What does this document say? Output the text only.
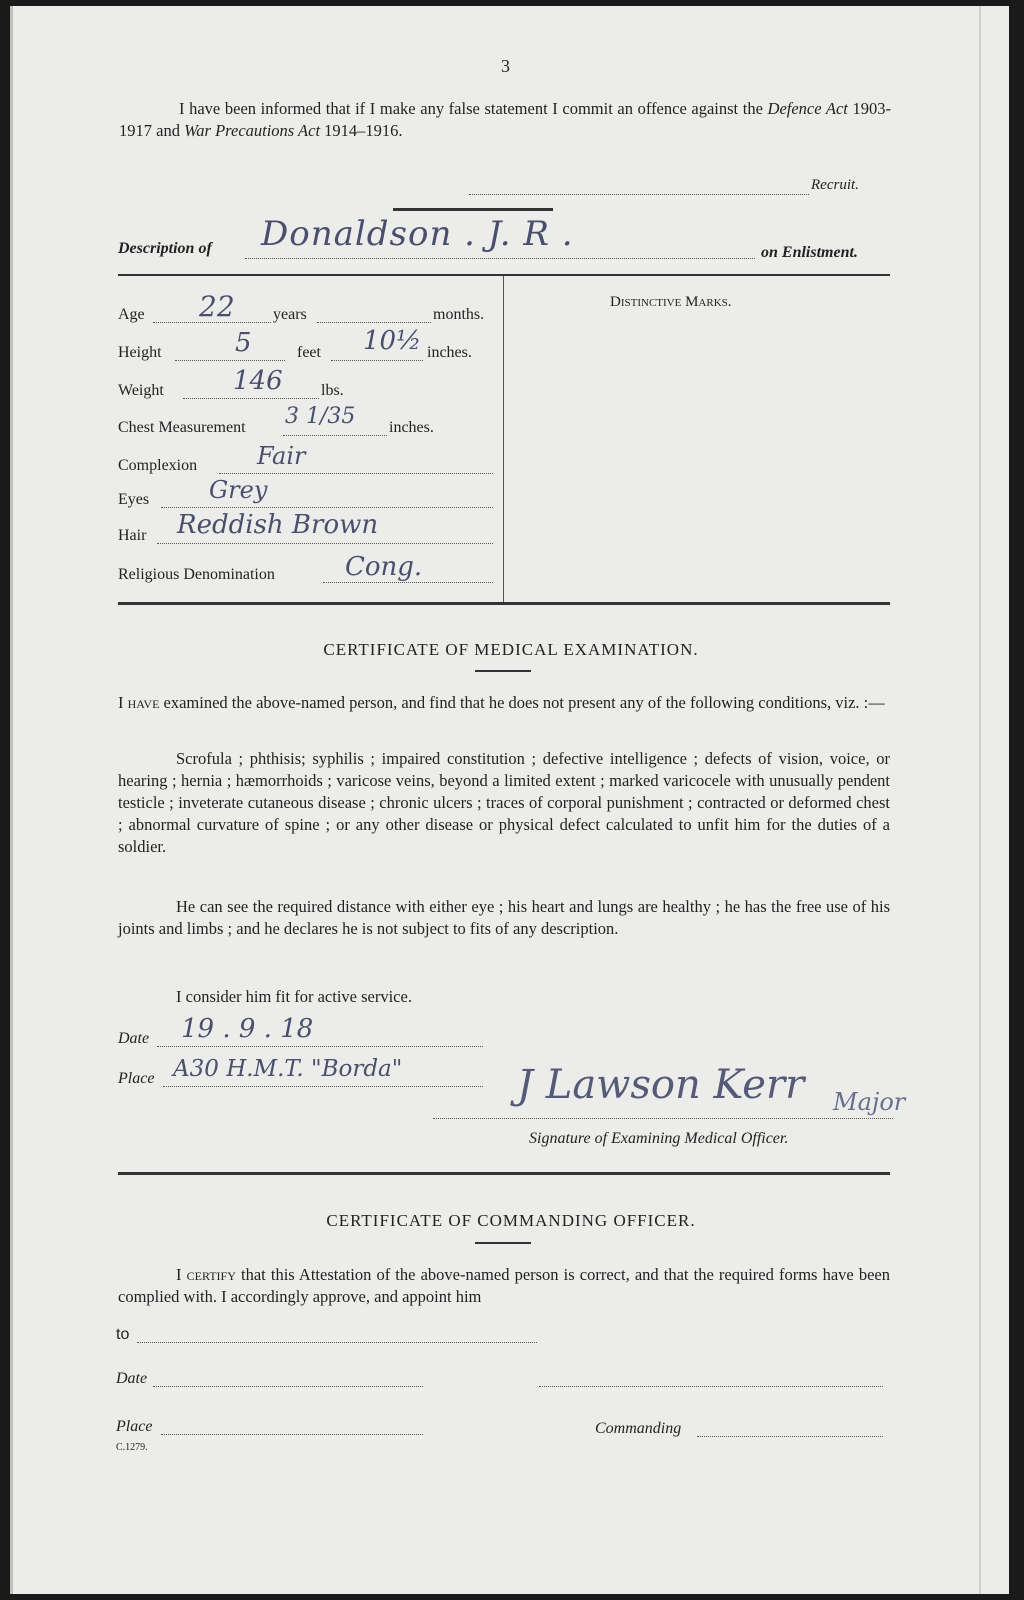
3
I have been informed that if I make any false statement I commit an offence against the Defence Act 1903-1917 and War Precautions Act 1914–1916.
Recruit.
Description of Donaldson . J. R .	on Enlistment.
Age 22 years	months.
Height	5	feet 10½ inches.
Weight	146 lbs.
Chest Measurement 3 1/35 inches.
Complexion Fair
Eyes Grey
Hair Reddish Brown
Religious Denomination	Cong.
Distinctive Marks.
CERTIFICATE OF MEDICAL EXAMINATION.
I have examined the above-named person, and find that he does not present any of the following conditions, viz. :—
Scrofula ; phthisis; syphilis ; impaired constitution ; defective intelligence ; defects of vision, voice, or hearing ; hernia ; hæmorrhoids ; varicose veins, beyond a limited extent ; marked varicocele with unusually pendent testicle ; inveterate cutaneous disease ; chronic ulcers ; traces of corporal punishment ; contracted or deformed chest ; abnormal curvature of spine ; or any other disease or physical defect calculated to unfit him for the duties of a soldier.
He can see the required distance with either eye ; his heart and lungs are healthy ; he has the free use of his joints and limbs ; and he declares he is not subject to fits of any description.
I consider him fit for active service.
Date 19 . 9 . 18
Place A30 H.M.T. "Borda"	J Lawson Kerr Major
Signature of Examining Medical Officer.
CERTIFICATE OF COMMANDING OFFICER.
I certify that this Attestation of the above-named person is correct, and that the required forms have been complied with. I accordingly approve, and appoint him
to
Date
Place	Commanding
C.1279.
